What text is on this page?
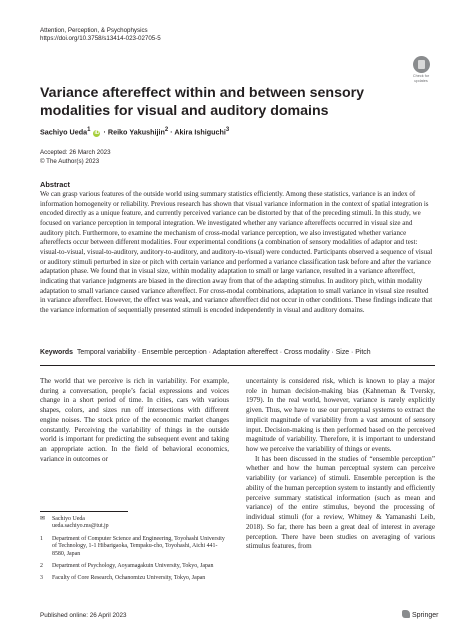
Attention, Perception, & Psychophysics
https://doi.org/10.3758/s13414-023-02705-5
Check for
updates
Variance aftereffect within and between sensory modalities for visual and auditory domains
Sachiyo Ueda$^1$ iD · Reiko Yakushijin$^2$ · Akira Ishiguchi$^3$
Accepted: 26 March 2023
© The Author(s) 2023
Abstract
We can grasp various features of the outside world using summary statistics efficiently. Among these statistics, variance is an index of information homogeneity or reliability. Previous research has shown that visual variance information in the context of spatial integration is encoded directly as a unique feature, and currently perceived variance can be distorted by that of the preceding stimuli. In this study, we focused on variance perception in temporal integration. We investigated whether any variance aftereffects occurred in visual size and auditory pitch. Furthermore, to examine the mechanism of cross-modal variance perception, we also investigated whether variance aftereffects occur between different modalities. Four experimental conditions (a combination of sensory modalities of adaptor and test: visual-to-visual, visual-to-auditory, auditory-to-auditory, and auditory-to-visual) were conducted. Participants observed a sequence of visual or auditory stimuli perturbed in size or pitch with certain variance and performed a variance classification task before and after the variance adaptation phase. We found that in visual size, within modality adaptation to small or large variance, resulted in a variance aftereffect, indicating that variance judgments are biased in the direction away from that of the adapting stimulus. In auditory pitch, within modality adaptation to small variance caused variance aftereffect. For cross-modal combinations, adaptation to small variance in visual size resulted in variance aftereffect. However, the effect was weak, and variance aftereffect did not occur in other conditions. These findings indicate that the variance information of sequentially presented stimuli is encoded independently in visual and auditory domains.
Keywords Temporal variability · Ensemble perception · Adaptation aftereffect · Cross modality · Size · Pitch

The world that we perceive is rich in variability. For example, during a conversation, people’s facial expressions and voices change in a short period of time. In cities, cars with various shapes, colors, and sizes run off intersections with different engine noises. The stock price of the economic market changes constantly. Perceiving the variability of things in the outside world is important for predicting the subsequent event and taking an appropriate action. In the field of behavioral economics, variance in outcomes or

uncertainty is considered risk, which is known to play a major role in human decision-making bias (Kahneman & Tversky, 1979). In the real world, however, variance is rarely explicitly given. Thus, we have to use our perceptual systems to extract the implicit magnitude of variability from a vast amount of sensory input. Decision-making is then performed based on the perceived magnitude of variability. Therefore, it is important to understand how we perceive the variability of things or events.

It has been discussed in the studies of “ensemble perception” whether and how the human perceptual system can perceive variability (or variance) of stimuli. Ensemble perception is the ability of the human perception system to instantly and efficiently perceive summary statistical information (such as mean and variance) of the entire stimulus, beyond the processing of individual stimuli (for a review, Whitney & Yamanashi Leib, 2018). So far, there has been a great deal of interest in average perception. There have been studies on averaging of various stimulus features, from

✉	Sachiyo Ueda
ueda.sachiyo.ms@tut.jp
1	Department of Computer Science and Engineering, Toyohashi University of Technology, 1-1 Hibarigaoka, Tempaku-cho, Toyohashi, Aichi 441-8580, Japan
2	Department of Psychology, Aoyamagakuin University, Tokyo, Japan
3	Faculty of Core Research, Ochanomizu University, Tokyo, Japan
Published online: 26 April 2023	Springer
